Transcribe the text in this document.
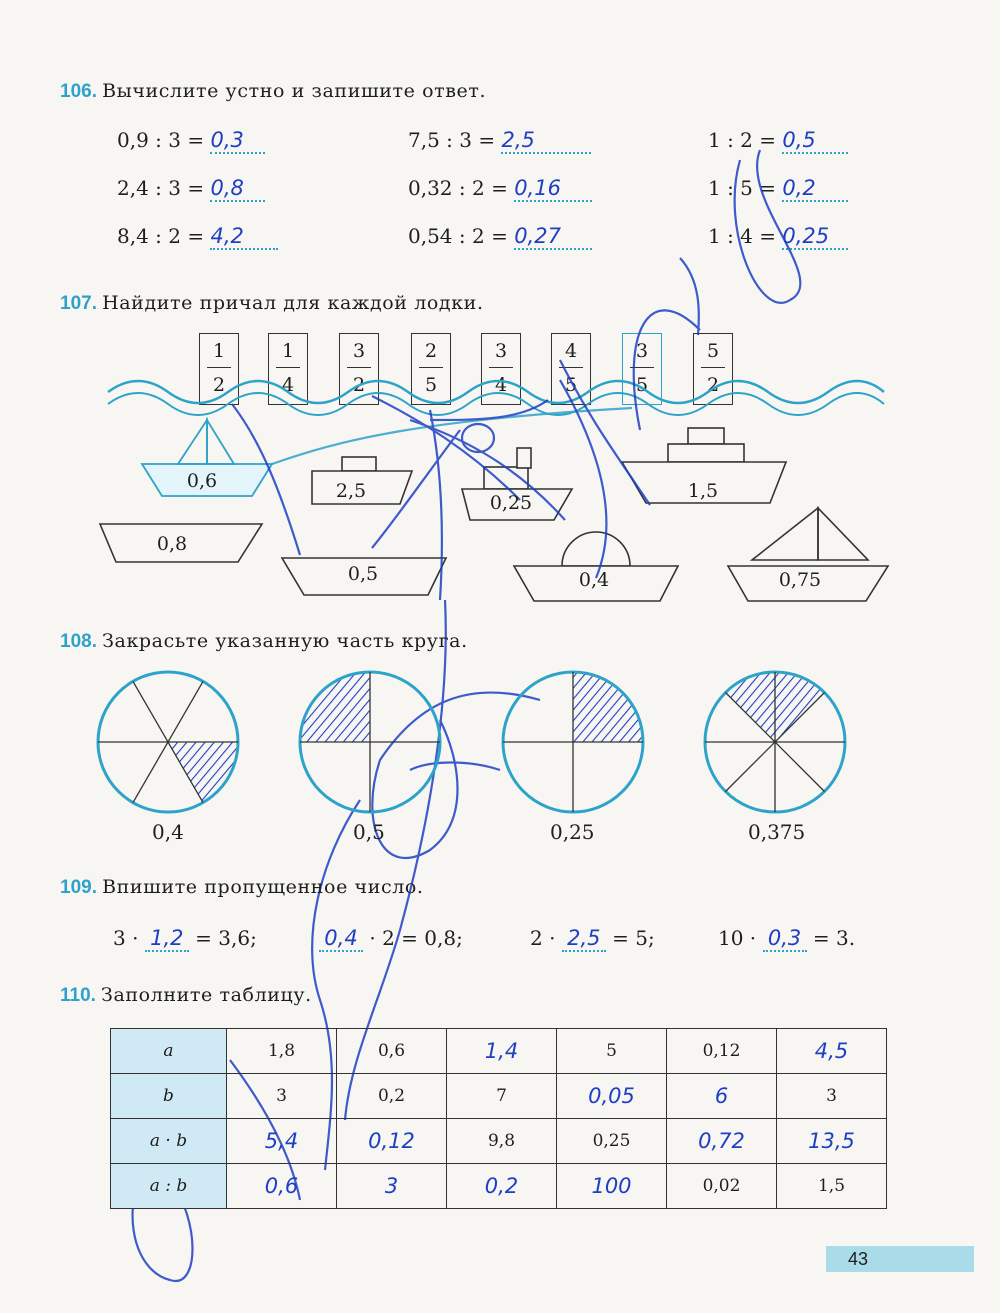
106. Вычислите устно и запишите ответ.
0,9 : 3 = 0,3	7,5 : 3 = 2,5	1 : 2 = 0,5
2,4 : 3 = 0,8	0,32 : 2 = 0,16	1 : 5 = 0,2
8,4 : 2 = 4,2	0,54 : 2 = 0,27	1 : 4 = 0,25
107. Найдите причал для каждой лодки.
$\frac{1}{2} \frac{1}{4} \frac{3}{2} \frac{2}{5} \frac{3}{4} \frac{4}{5} \frac{3}{5} \frac{5}{2}$
0,6	2,5
0,25
1,5
0,8
0,5	0,4	0,75
108. Закрасьте указанную часть круга.
0,4	0,5	0,25	0,375
109. Впишите пропущенное число.
3 · 1,2 = 3,6;	0,4 · 2 = 0,8;	2 · 2,5 = 5;	10 · 0,3 = 3.
110. Заполните таблицу.
a	1,8	0,6	1,4	5	0,12	4,5
b	3	0,2	7	0,05	6	3
a · b	5,4	0,12	9,8	0,25	0,72	13,5
a : b	0,6	3	0,2	100	0,02	1,5
43
